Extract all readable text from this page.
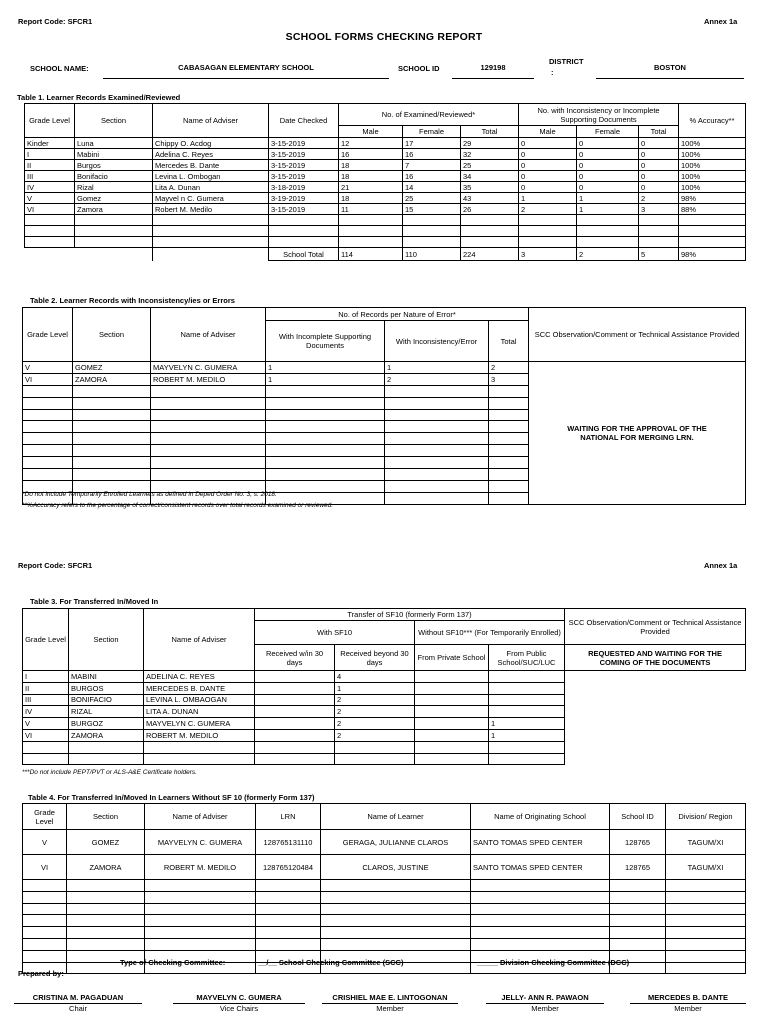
Report Code: SFCR1	Annex 1a
SCHOOL FORMS CHECKING REPORT
SCHOOL NAME:	CABASAGAN ELEMENTARY SCHOOL	SCHOOL ID	129198
DISTRICT
:
BOSTON
Table 1. Learner Records Examined/Reviewed
Grade Level	Section	Name of Adviser	Date Checked	No. of Examined/Reviewed*			No. with Inconsistency or Incomplete Supporting Documents			% Accuracy**
				Male	Female	Total	Male	Female	Total	
Kinder	Luna	Chippy O. Acdog	3-15-2019	12	17	29	0	0	0	100%
I	Mabini	Adelina C. Reyes	3-15-2019	16	16	32	0	0	0	100%
II	Burgos	Mercedes B. Dante	3-15-2019	18	7	25	0	0	0	100%
III	Bonifacio	Levina L. Ombogan	3-15-2019	18	16	34	0	0	0	100%
IV	Rizal	Lita A. Dunan	3-18-2019	21	14	35	0	0	0	100%
V	Gomez	Mayvel n C. Gumera	3-19-2019	18	25	43	1	1	2	98%
VI	Zamora	Robert M. Medilo	3-15-2019	11	15	26	2	1	3	88%

			School Total	114	110	224	3	2	5	98%
Table 2. Learner Records with Inconsistency/ies or Errors
Grade Level	Section	Name of Adviser	No. of Records per Nature of Error*			SCC Observation/Comment or Technical Assistance Provided
			With Incomplete Supporting Documents	With Inconsistency/Error	Total	
V	GOMEZ	MAYVELYN C. GUMERA	1	1	2	WAITING FOR THE APPROVAL OF THE NATIONAL FOR MERGING LRN.
VI	ZAMORA	ROBERT M. MEDILO	1	2	3	

*Do not include Temporarily Enrolled Learners as defined in Deped Order No. 3, s. 2018.
**%Accuracy refers to the percentage of correct/consistent records over total records examined or reviewed.
Report Code: SFCR1	Annex 1a
Table 3. For Transferred In/Moved In
Grade Level	Section	Name of Adviser	Transfer of SF10 (formerly Form 137)				SCC Observation/Comment or Technical Assistance Provided
			With SF10		Without SF10*** (For Temporarily Enrolled)		
			Received w/in 30 days	Received beyond 30 days	From Private School	From Public School/SUC/LUC	REQUESTED AND WAITING FOR THE COMING OF THE DOCUMENTS
I	MABINI	ADELINA C. REYES		4			
II	BURGOS	MERCEDES B. DANTE		1			
III	BONIFACIO	LEVINA L. OMBAOGAN		2			
IV	RIZAL	LITA A. DUNAN		2			
V	BURGOZ	MAYVELYN C. GUMERA		2		1	
VI	ZAMORA	ROBERT M. MEDILO		2		1	

***Do not include PEPT/PVT or ALS-A&E Certificate holders.
Table 4. For Transferred In/Moved In Learners Without SF 10 (formerly Form 137)
Grade Level	Section	Name of Adviser	LRN	Name of Learner	Name of Originating School	School ID	Division/ Region
V	GOMEZ	MAYVELYN C. GUMERA	128765131110	GERAGA, JULIANNE CLAROS	SANTO TOMAS SPED CENTER	128765	TAGUM/XI
VI	ZAMORA	ROBERT M. MEDILO	128765120484	CLAROS, JUSTINE	SANTO TOMAS SPED CENTER	128765	TAGUM/XI

Type of Checking Committee:	__/__ School Checking Committee (SCC)	_____ Division Checking Committee (DCC)
Prepared by:
CRISTINA M. PAGADUAN
Chair
MAYVELYN C. GUMERA
Vice Chairs
CRISHIEL MAE E. LINTOGONAN
Member
JELLY- ANN R. PAWAON
Member
MERCEDES B. DANTE
Member
